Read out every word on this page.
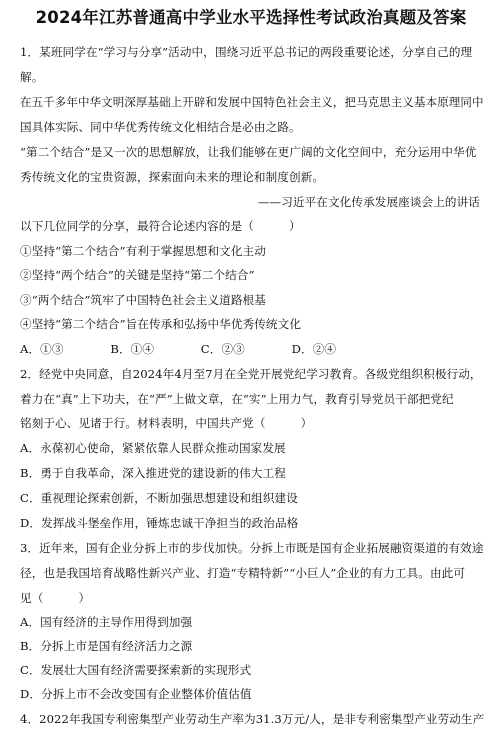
2024年江苏普通高中学业水平选择性考试政治真题及答案
1．某班同学在“学习与分享”活动中，围绕习近平总书记的两段重要论述，分享自己的理
解。
在五千多年中华文明深厚基础上开辟和发展中国特色社会主义，把马克思主义基本原理同中
国具体实际、同中华优秀传统文化相结合是必由之路。
“第二个结合”是又一次的思想解放，让我们能够在更广阔的文化空间中，充分运用中华优
秀传统文化的宝贵资源，探索面向未来的理论和制度创新。
——习近平在文化传承发展座谈会上的讲话
以下几位同学的分享，最符合论述内容的是（　　　）
①坚持“第二个结合”有利于掌握思想和文化主动
②坚持“两个结合”的关键是坚持“第二个结合”
③“两个结合”筑牢了中国特色社会主义道路根基
④坚持“第二个结合”旨在传承和弘扬中华优秀传统文化
A．①③　　　　B．①④　　　　C．②③　　　　D．②④
2．经党中央同意，自2024年4月至7月在全党开展党纪学习教育。各级党组织积极行动，
着力在“真”上下功夫，在“严”上做文章，在“实”上用力气，教育引导党员干部把党纪
铭刻于心、见诸于行。材料表明，中国共产党（　　　）
A．永葆初心使命，紧紧依靠人民群众推动国家发展
B．勇于自我革命，深入推进党的建设新的伟大工程
C．重视理论探索创新，不断加强思想建设和组织建设
D．发挥战斗堡垒作用，锤炼忠诚干净担当的政治品格
3．近年来，国有企业分拆上市的步伐加快。分拆上市既是国有企业拓展融资渠道的有效途
径，也是我国培育战略性新兴产业、打造“专精特新”“小巨人”企业的有力工具。由此可
见（　　　）
A．国有经济的主导作用得到加强
B．分拆上市是国有经济活力之源
C．发展壮大国有经济需要探索新的实现形式
D．分拆上市不会改变国有企业整体价值估值
4．2022年我国专利密集型产业劳动生产率为31.3万元/人，是非专利密集型产业劳动生产
